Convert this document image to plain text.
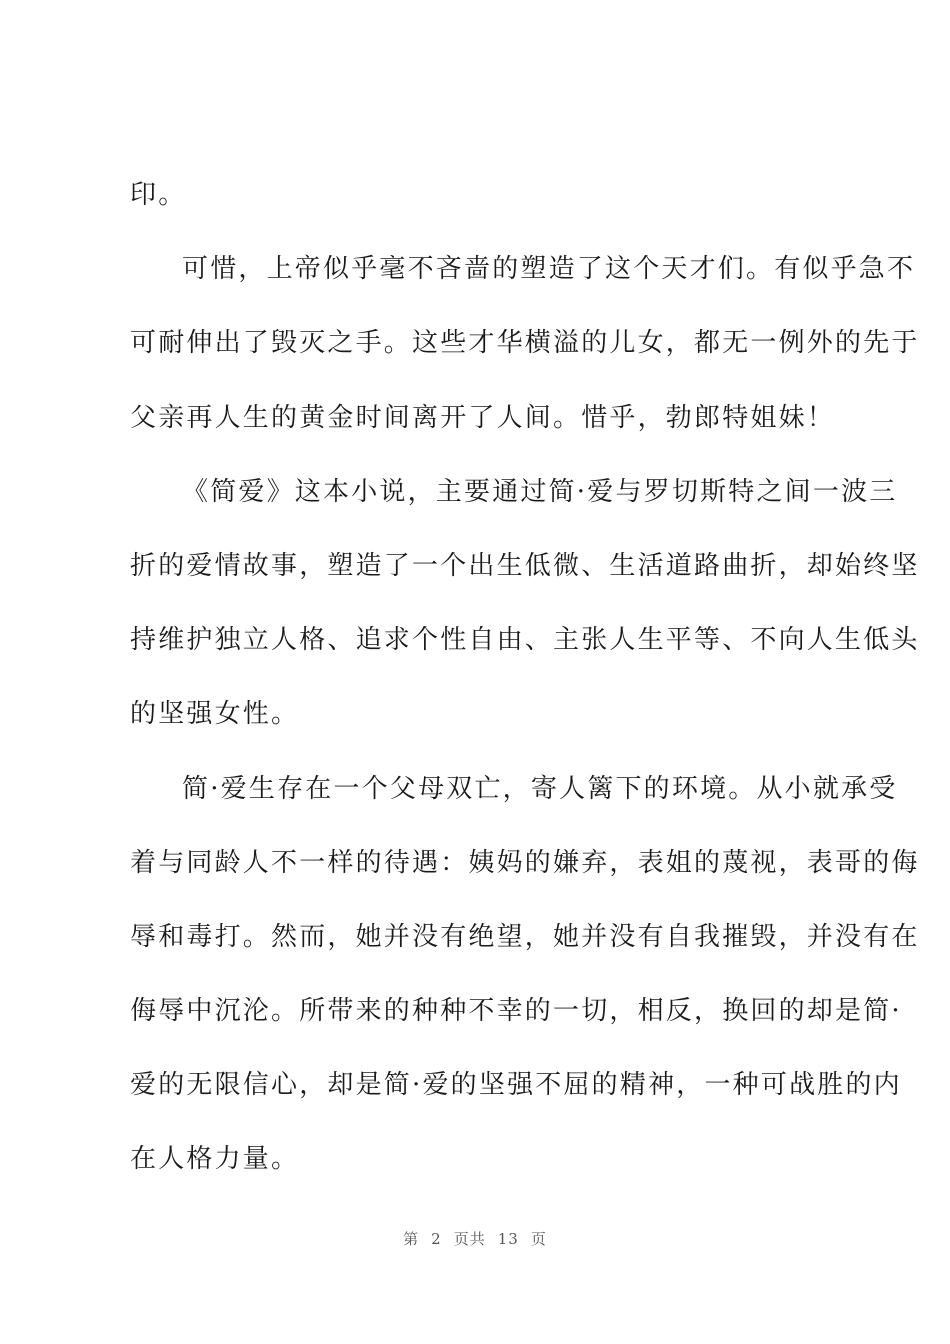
印。
可惜，上帝似乎毫不吝啬的塑造了这个天才们。有似乎急不
可耐伸出了毁灭之手。这些才华横溢的儿女，都无一例外的先于
父亲再人生的黄金时间离开了人间。惜乎，勃郎特姐妹！
《简爱》这本小说，主要通过简·爱与罗切斯特之间一波三
折的爱情故事，塑造了一个出生低微、生活道路曲折，却始终坚
持维护独立人格、追求个性自由、主张人生平等、不向人生低头
的坚强女性。
简·爱生存在一个父母双亡，寄人篱下的环境。从小就承受
着与同龄人不一样的待遇：姨妈的嫌弃，表姐的蔑视，表哥的侮
辱和毒打。然而，她并没有绝望，她并没有自我摧毁，并没有在
侮辱中沉沦。所带来的种种不幸的一切，相反，换回的却是简·
爱的无限信心，却是简·爱的坚强不屈的精神，一种可战胜的内
在人格力量。
第 2 页共 13 页
